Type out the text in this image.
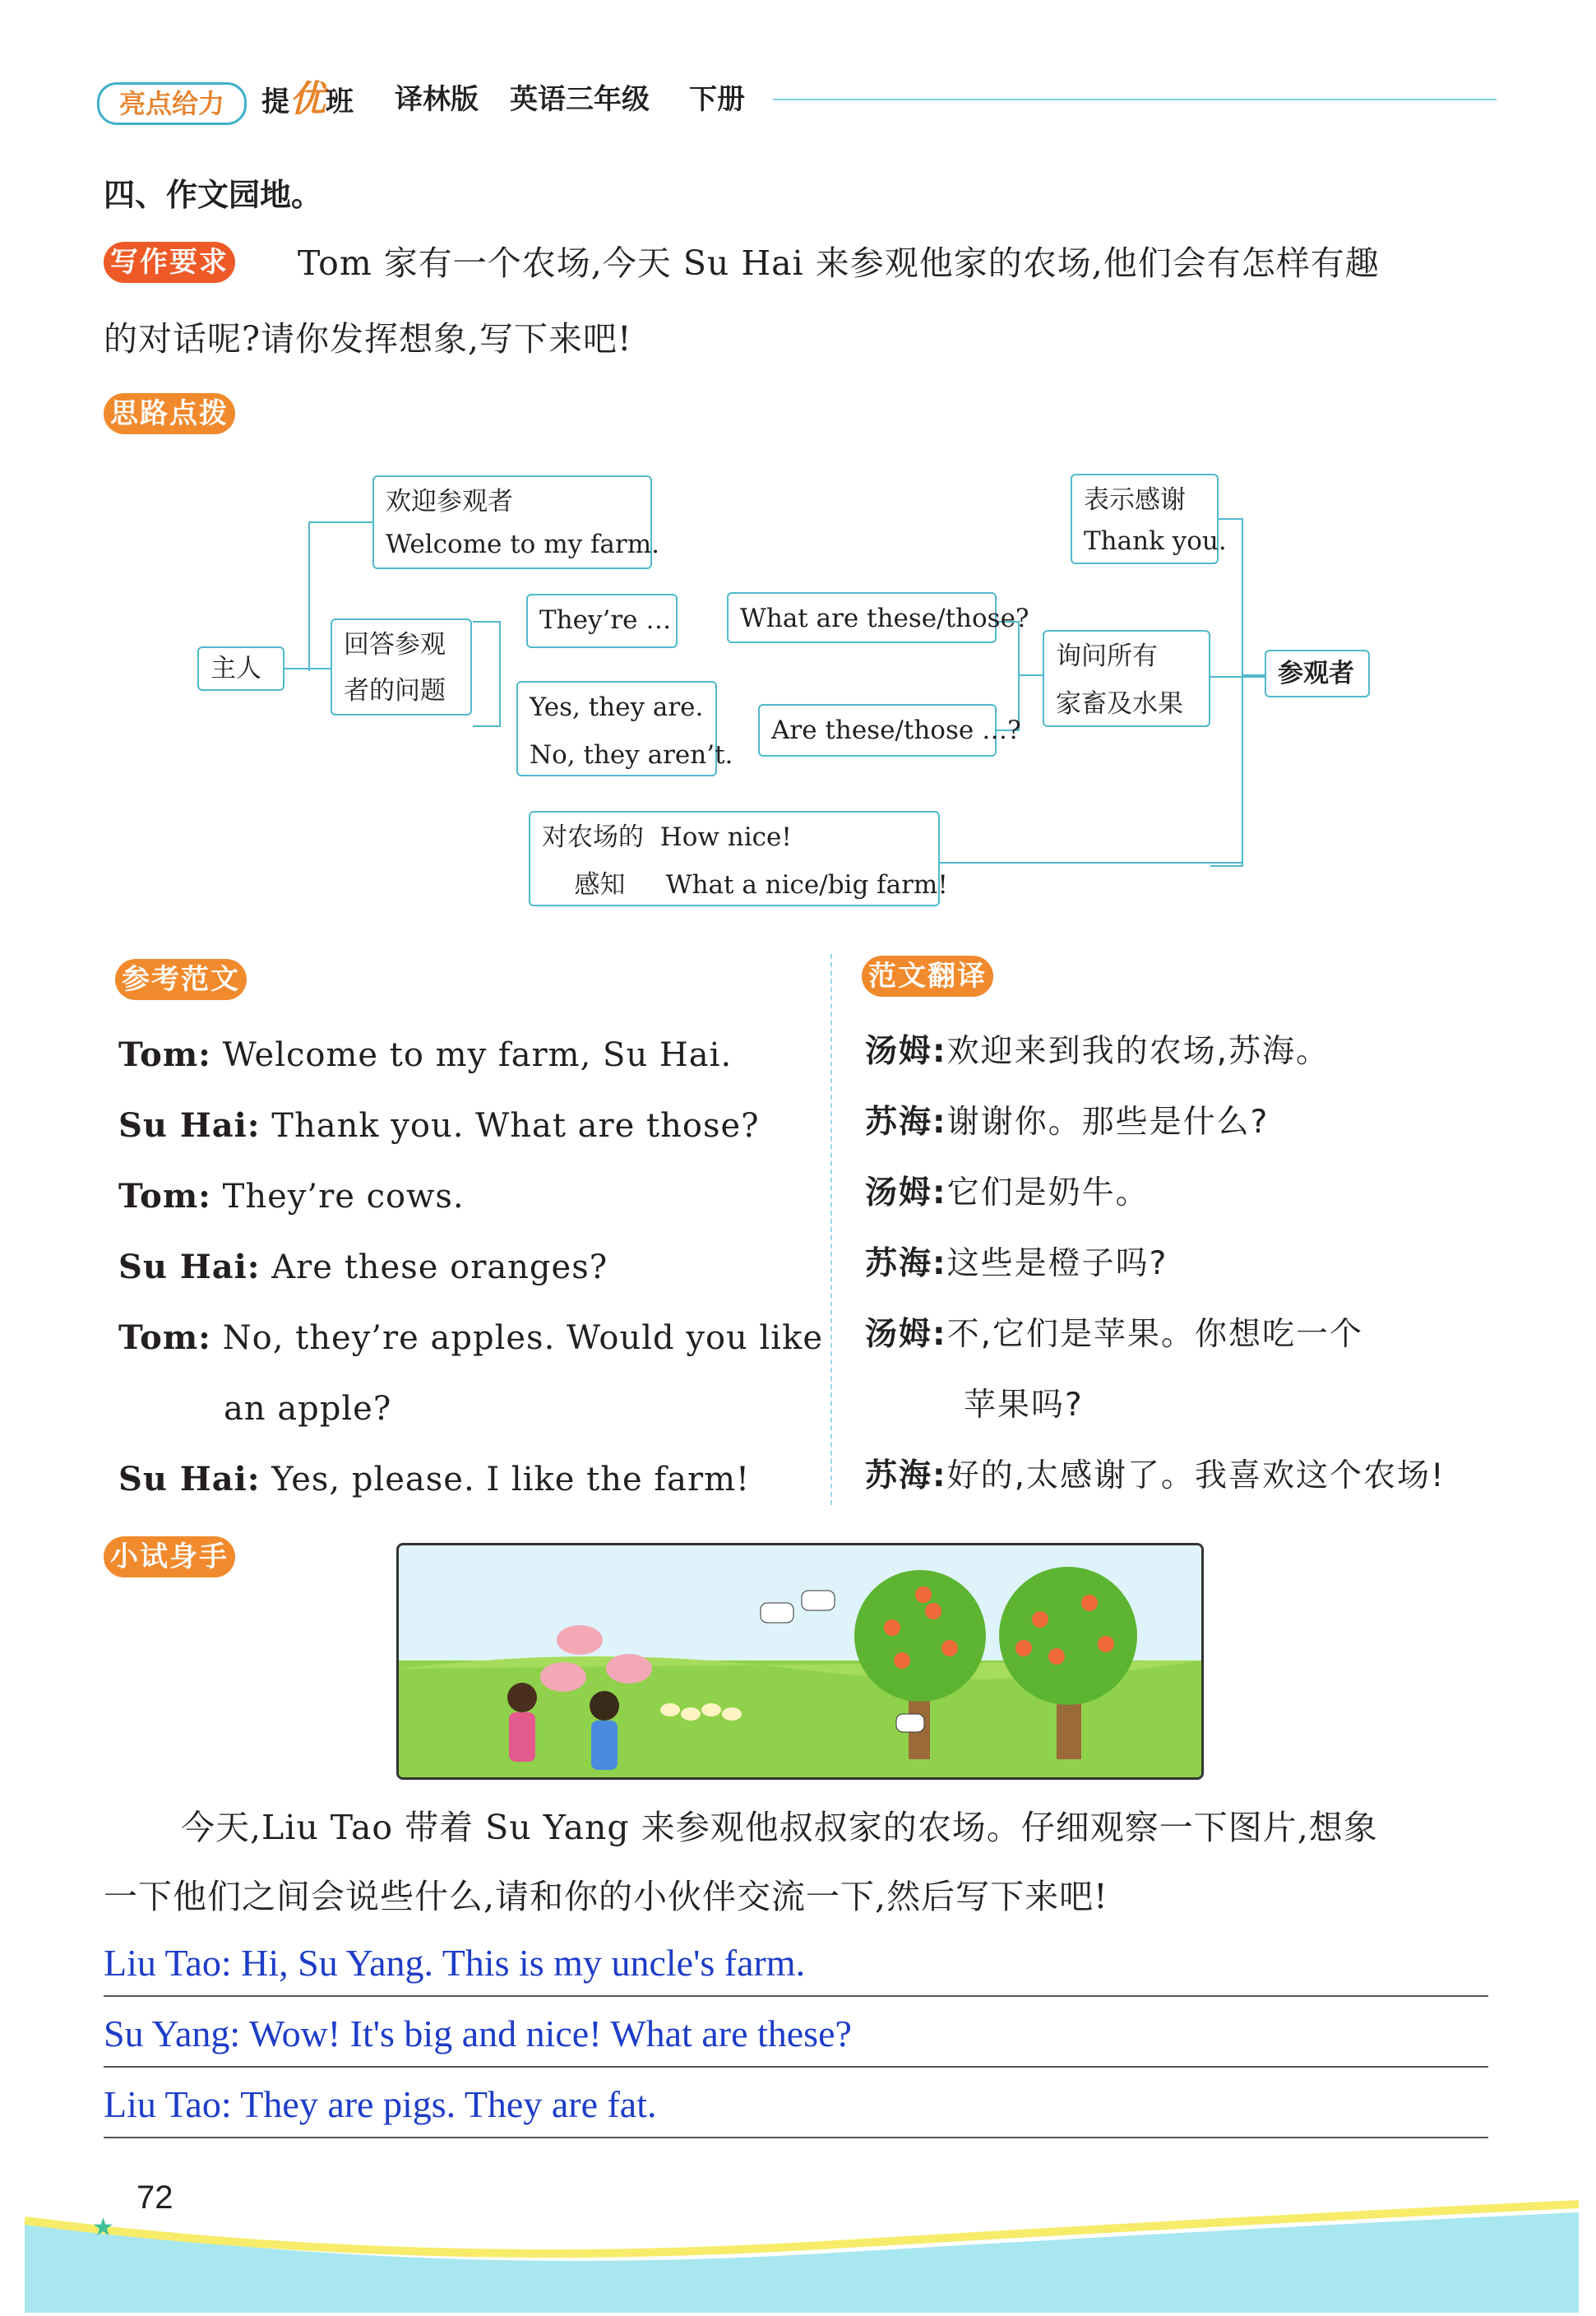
亮点给力	提优班 译林版 英语三年级 下册
四、作文园地。
写作要求 Tom 家有一个农场,今天 Su Hai 来参观他家的农场,他们会有怎样有趣
的对话呢?请你发挥想象,写下来吧!
思路点拨
主人
欢迎参观者
Welcome to my farm.
回答参观
者的问题
They’re …
Yes, they are.
No, they aren’t.
What are these/those?
Are these/those …?
询问所有
家畜及水果
表示感谢
Thank you.
参观者
对农场的 How nice!
感知 What a nice/big farm!
参考范文	范文翻译
Tom: Welcome to my farm, Su Hai.
Su Hai: Thank you. What are those?
Tom: They’re cows.
Su Hai: Are these oranges?
Tom: No, they’re apples. Would you like
an apple?
Su Hai: Yes, please. I like the farm!
汤姆:欢迎来到我的农场,苏海。
苏海:谢谢你。那些是什么?
汤姆:它们是奶牛。
苏海:这些是橙子吗?
汤姆:不,它们是苹果。你想吃一个
苹果吗?
苏海:好的,太感谢了。我喜欢这个农场!
小试身手
今天,Liu Tao 带着 Su Yang 来参观他叔叔家的农场。仔细观察一下图片,想象
一下他们之间会说些什么,请和你的小伙伴交流一下,然后写下来吧!
Liu Tao: Hi, Su Yang. This is my uncle's farm.
Su Yang: Wow! It's big and nice! What are these?
Liu Tao: They are pigs. They are fat.
★
72
